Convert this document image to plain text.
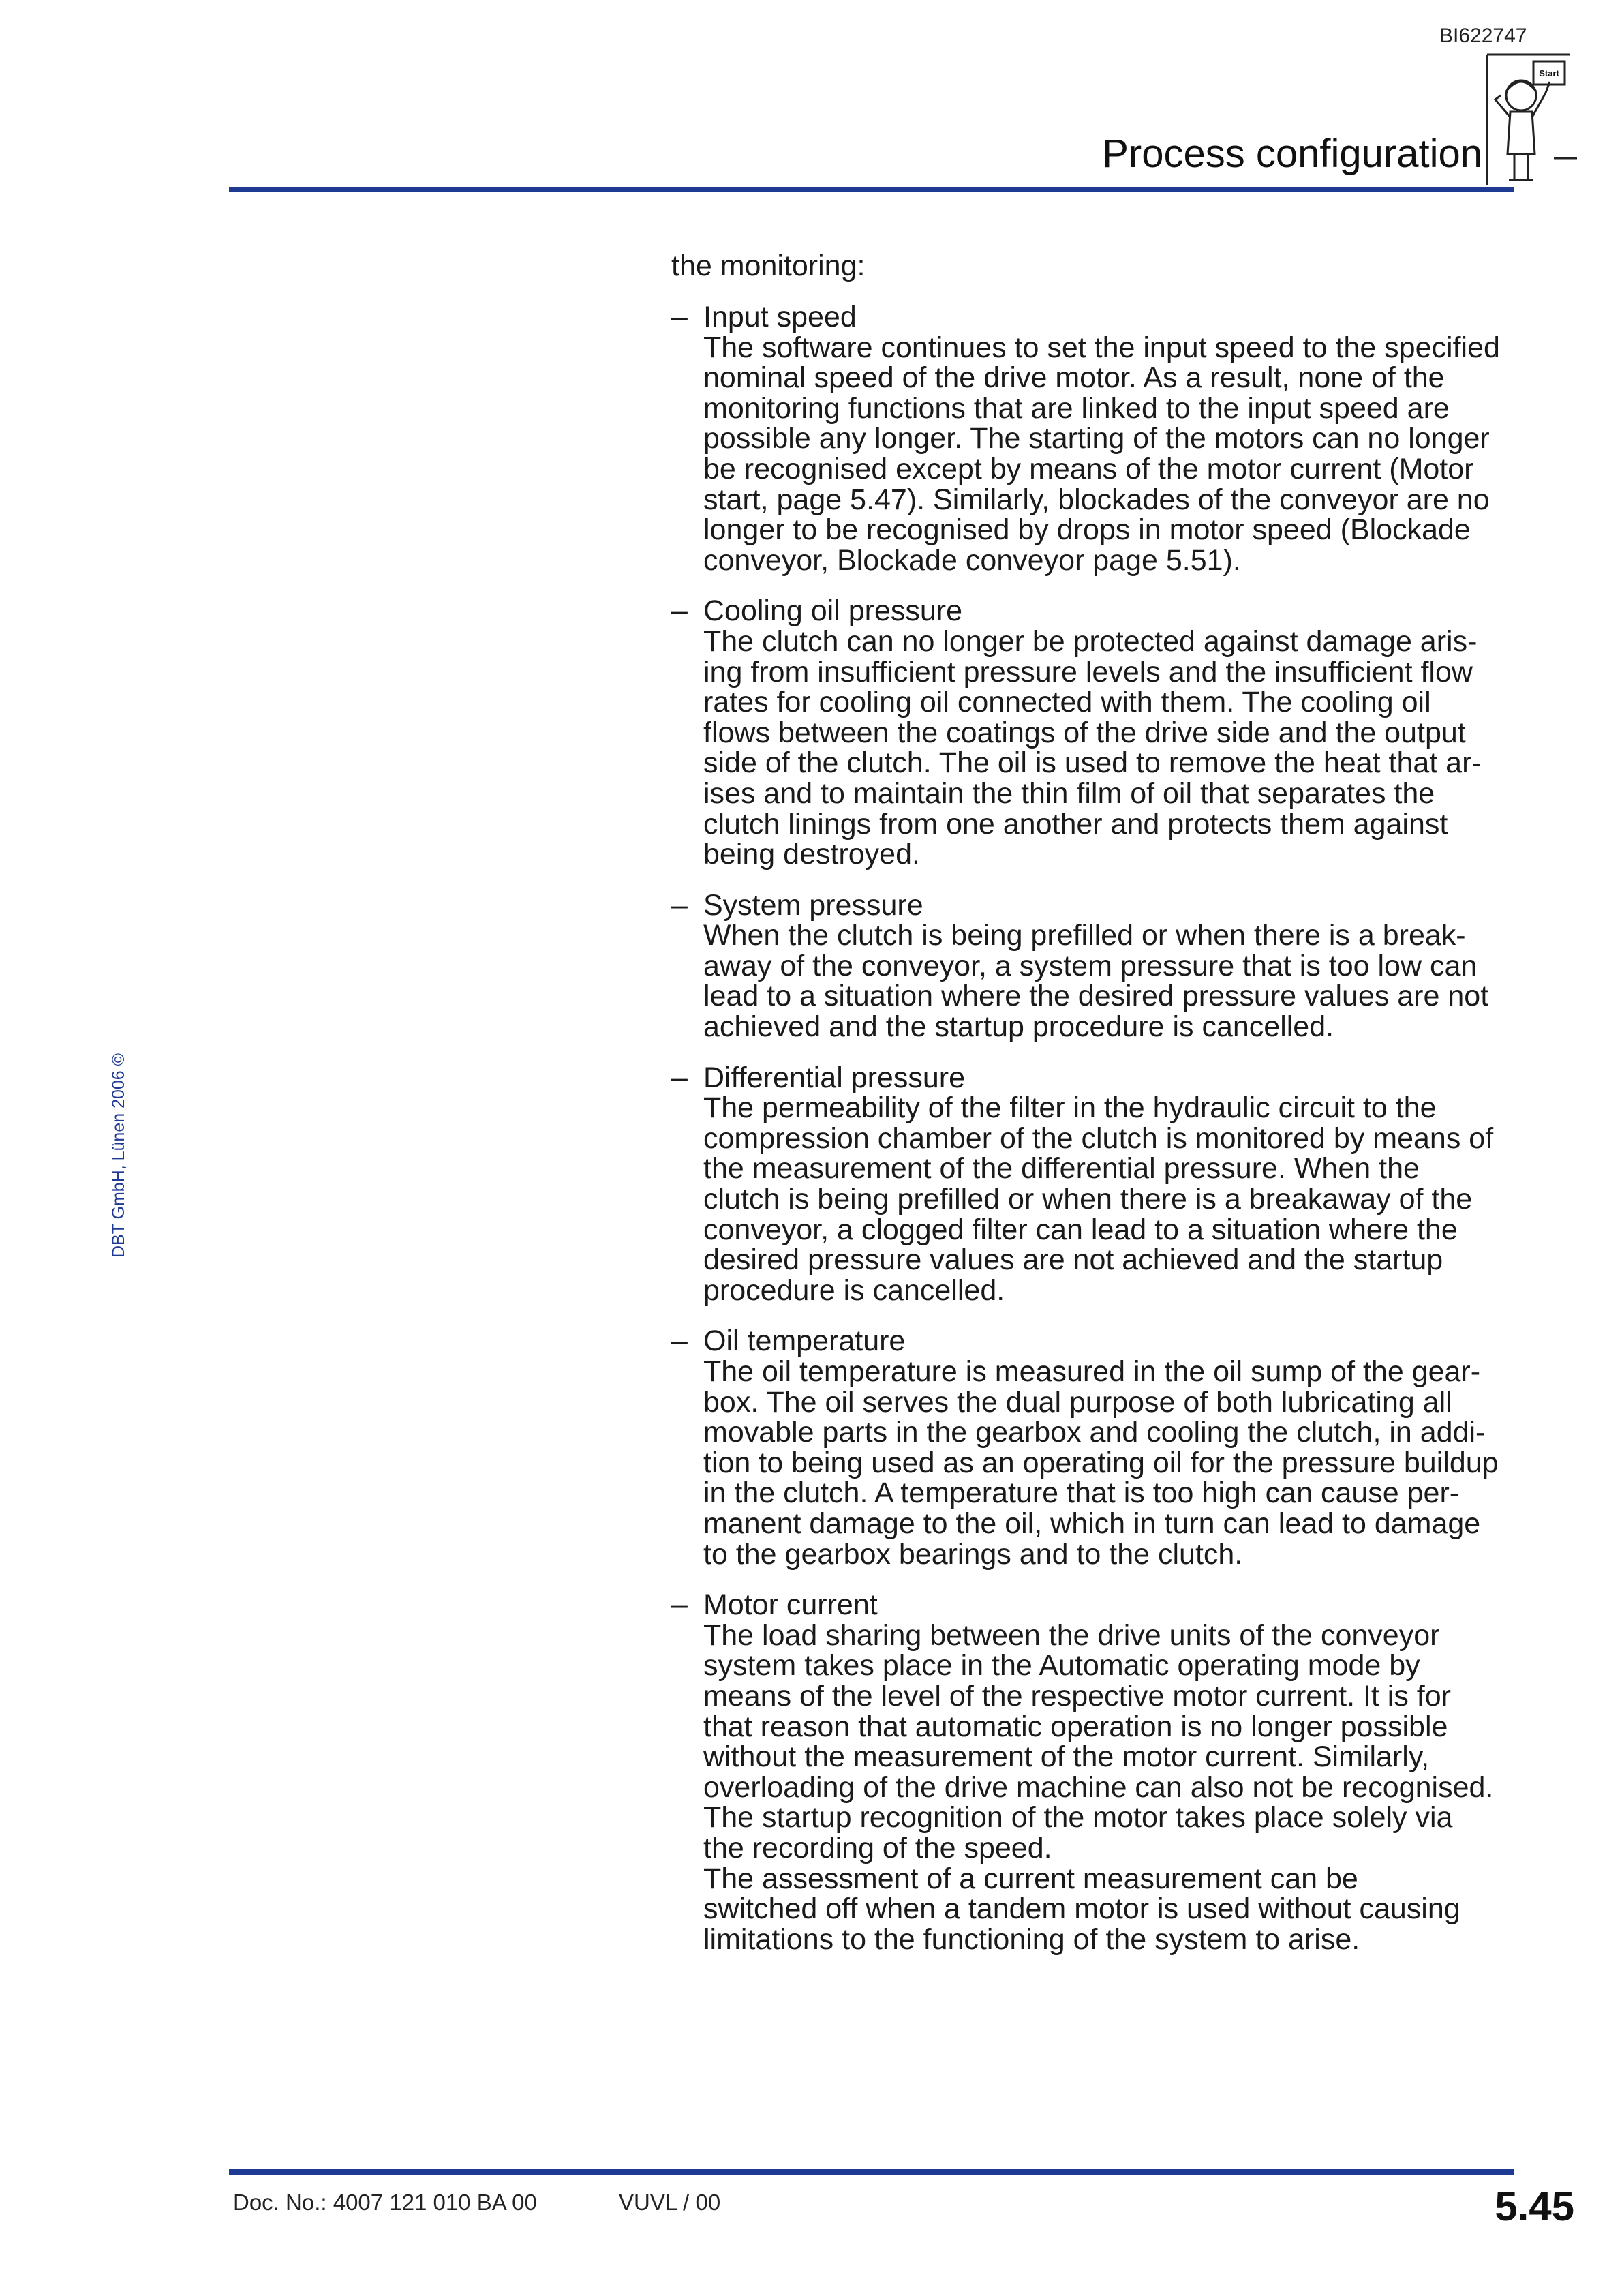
BI622747
Start
Process configuration
DBT GmbH, Lünen 2006 ©

the monitoring:

– Input speed
The software continues to set the input speed to the specified
nominal speed of the drive motor. As a result, none of the
monitoring functions that are linked to the input speed are
possible any longer. The starting of the motors can no longer
be recognised except by means of the motor current (Motor
start, page 5.47). Similarly, blockades of the conveyor are no
longer to be recognised by drops in motor speed (Blockade
conveyor, Blockade conveyor page 5.51).
– Cooling oil pressure
The clutch can no longer be protected against damage aris-
ing from insufficient pressure levels and the insufficient flow
rates for cooling oil connected with them. The cooling oil
flows between the coatings of the drive side and the output
side of the clutch. The oil is used to remove the heat that ar-
ises and to maintain the thin film of oil that separates the
clutch linings from one another and protects them against
being destroyed.
– System pressure
When the clutch is being prefilled or when there is a break-
away of the conveyor, a system pressure that is too low can
lead to a situation where the desired pressure values are not
achieved and the startup procedure is cancelled.
– Differential pressure
The permeability of the filter in the hydraulic circuit to the
compression chamber of the clutch is monitored by means of
the measurement of the differential pressure. When the
clutch is being prefilled or when there is a breakaway of the
conveyor, a clogged filter can lead to a situation where the
desired pressure values are not achieved and the startup
procedure is cancelled.
– Oil temperature
The oil temperature is measured in the oil sump of the gear-
box. The oil serves the dual purpose of both lubricating all
movable parts in the gearbox and cooling the clutch, in addi-
tion to being used as an operating oil for the pressure buildup
in the clutch. A temperature that is too high can cause per-
manent damage to the oil, which in turn can lead to damage
to the gearbox bearings and to the clutch.
– Motor current
The load sharing between the drive units of the conveyor
system takes place in the Automatic operating mode by
means of the level of the respective motor current. It is for
that reason that automatic operation is no longer possible
without the measurement of the motor current. Similarly,
overloading of the drive machine can also not be recognised.
The startup recognition of the motor takes place solely via
the recording of the speed.
The assessment of a current measurement can be
switched off when a tandem motor is used without causing
limitations to the functioning of the system to arise.
Doc. No.: 4007 121 010 BA 00	VUVL / 00	5.45
